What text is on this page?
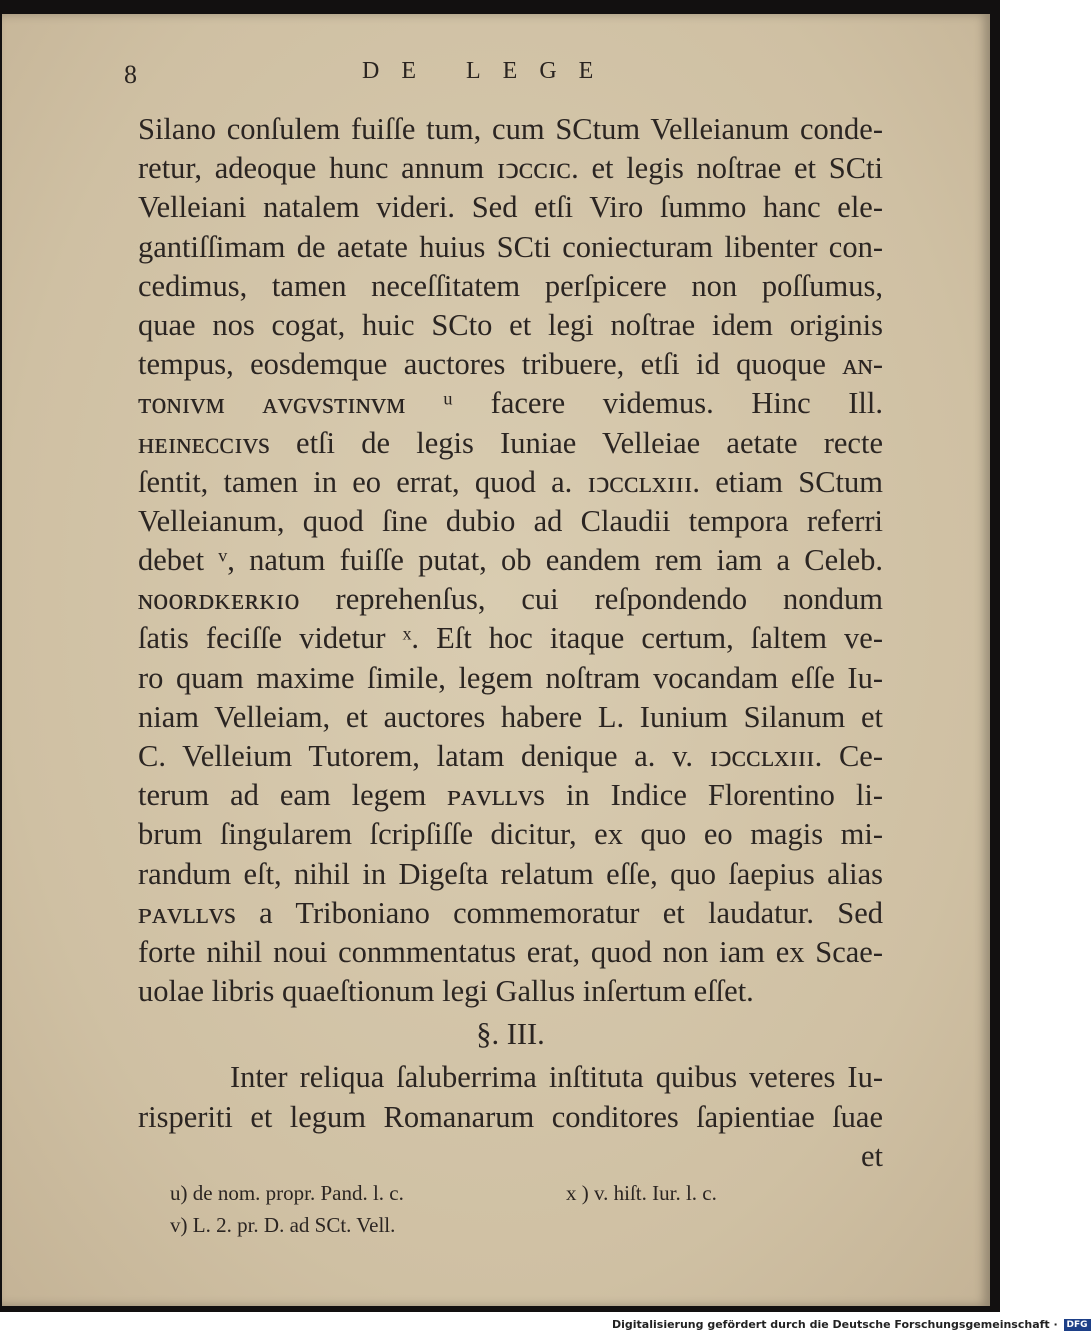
8	DE LEGE
Silano conſulem fuiſſe tum, cum SCtum Velleianum conde-
retur, adeoque hunc annum ɪↄᴄᴄɪᴄ. et legis noſtrae et SCti
Velleiani natalem videri. Sed etſi Viro ſummo hanc ele-
gantiſſimam de aetate huius SCti coniecturam libenter con-
cedimus, tamen neceſſitatem perſpicere non poſſumus,
quae nos cogat, huic SCto et legi noſtrae idem originis
tempus, eosdemque auctores tribuere, etſi id quoque ᴀɴ-
ᴛᴏɴɪᴠᴍ ᴀᴠɢᴠsᴛɪɴᴠᴍ ᵘ facere videmus. Hinc Ill.
ʜᴇɪɴᴇᴄᴄɪᴠs etſi de legis Iuniae Velleiae aetate recte
ſentit, tamen in eo errat, quod a. ɪↄᴄᴄʟxɪɪɪ. etiam SCtum
Velleianum, quod ſine dubio ad Claudii tempora referri
debet ᵛ, natum fuiſſe putat, ob eandem rem iam a Celeb.
ɴᴏᴏʀᴅᴋᴇʀᴋɪᴏ reprehenſus, cui reſpondendo nondum
ſatis feciſſe videtur ˣ. Eſt hoc itaque certum, ſaltem ve-
ro quam maxime ſimile, legem noſtram vocandam eſſe Iu-
niam Velleiam, et auctores habere L. Iunium Silanum et
C. Velleium Tutorem, latam denique a. v. ɪↄᴄᴄʟxɪɪɪ. Ce-
terum ad eam legem ᴘᴀᴠʟʟᴠs in Indice Florentino li-
brum ſingularem ſcripſiſſe dicitur, ex quo eo magis mi-
randum eſt, nihil in Digeſta relatum eſſe, quo ſaepius alias
ᴘᴀᴠʟʟᴠs a Triboniano commemoratur et laudatur. Sed
forte nihil noui conmmentatus erat, quod non iam ex Scae-
uolae libris quaeſtionum legi Gallus inſertum eſſet.
§. III.
Inter reliqua ſaluberrima inſtituta quibus veteres Iu-
risperiti et legum Romanarum conditores ſapientiae ſuae
et
u) de nom. propr. Pand. l. c.
v) L. 2. pr. D. ad SCt. Vell.
x ) v. hiſt. Iur. l. c.
Digitalisierung gefördert durch die Deutsche Forschungsgemeinschaft · DFG
